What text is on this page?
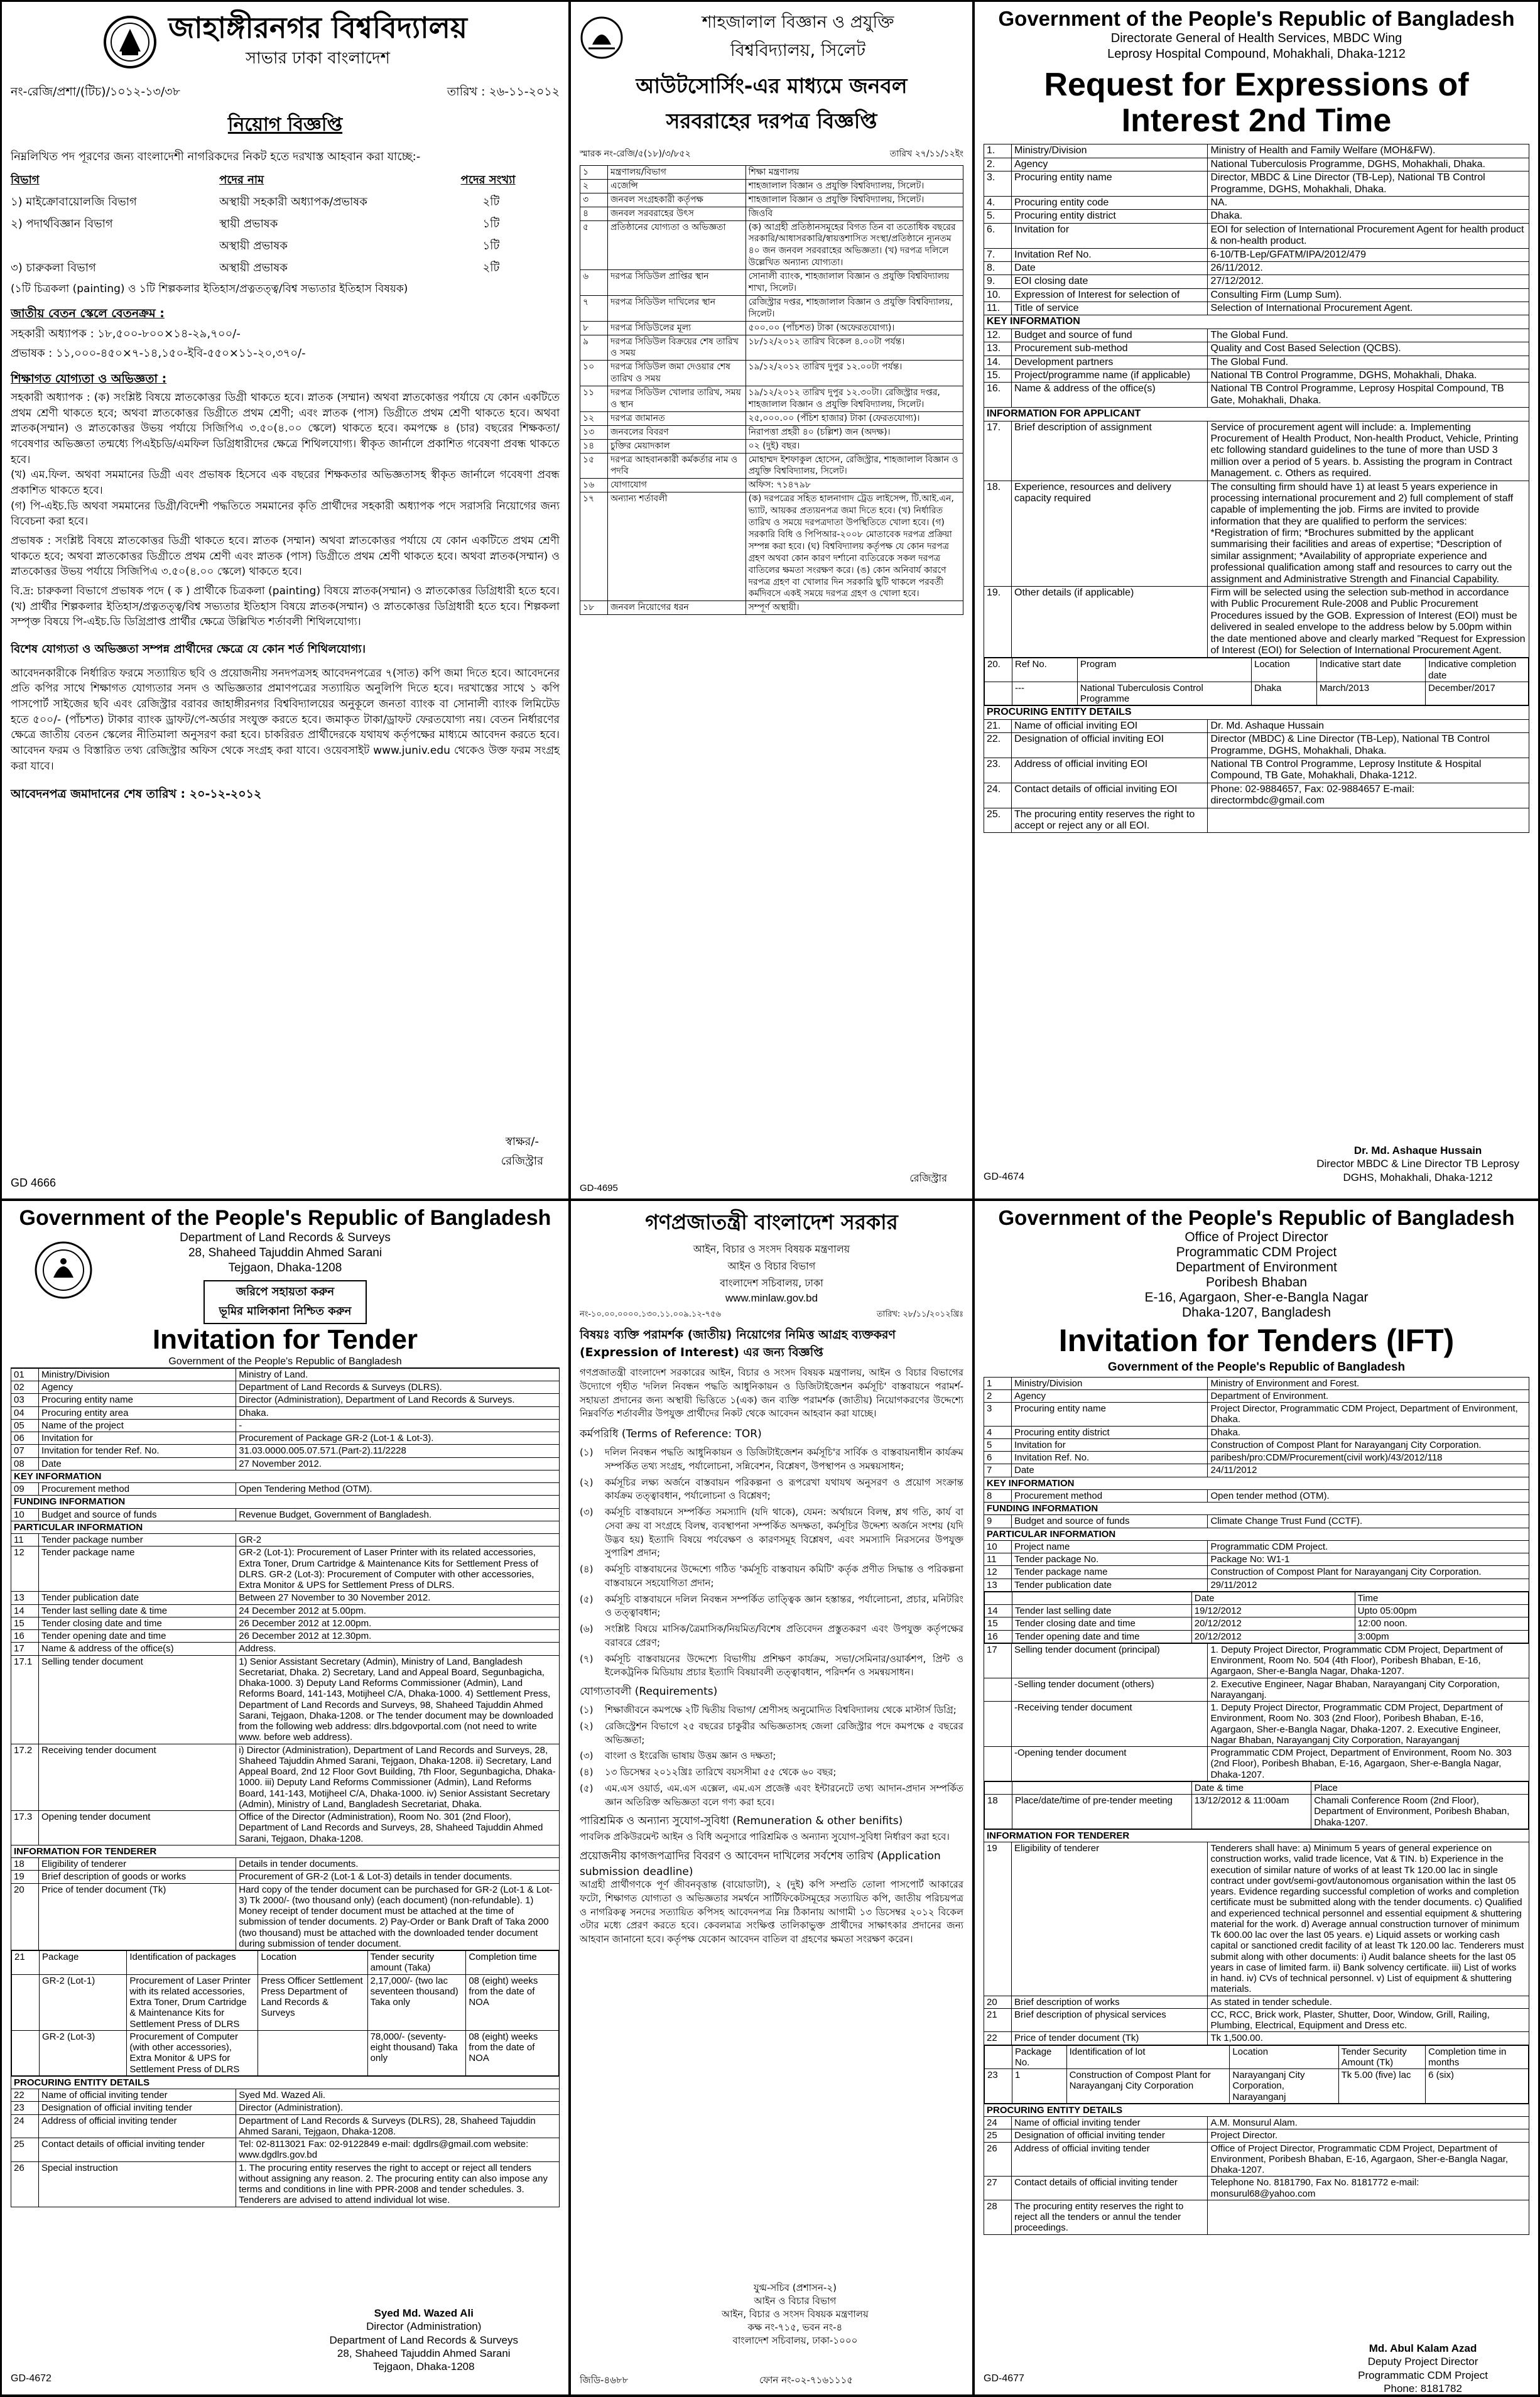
জাহাঙ্গীরনগর বিশ্ববিদ্যালয়
সাভার ঢাকা বাংলাদেশ
নং-রেজি/প্রশা/(টিচ)/১০১২-১৩/৩৮	তারিখ : ২৬-১১-২০১২
নিয়োগ বিজ্ঞপ্তি
নিম্নলিখিত পদ পূরণের জন্য বাংলাদেশী নাগরিকদের নিকট হতে দরখাস্ত আহবান করা যাচ্ছে:-
বিভাগ	পদের নাম	পদের সংখ্যা
১) মাইক্রোবায়োলজি বিভাগ	অস্থায়ী সহকারী অধ্যাপক/প্রভাষক	২টি
২) পদার্থবিজ্ঞান বিভাগ	স্থায়ী প্রভাষক	১টি
অস্থায়ী প্রভাষক	১টি
৩) চারুকলা বিভাগ	অস্থায়ী প্রভাষক	২টি
(১টি চিত্রকলা (painting) ও ১টি শিল্পকলার ইতিহাস/প্রত্নতত্ত্ব/বিশ্ব সভ্যতার ইতিহাস বিষয়ক)
জাতীয় বেতন স্কেলে বেতনক্রম :
সহকারী অধ্যাপক : ১৮,৫০০-৮০০×১৪-২৯,৭০০/-
প্রভাষক : ১১,০০০-৪৫০×৭-১৪,১৫০-ইবি-৫৫০×১১-২০,৩৭০/-
শিক্ষাগত যোগ্যতা ও অভিজ্ঞতা :
সহকারী অধ্যাপক : (ক) সংশ্লিষ্ট বিষয়ে স্নাতকোত্তর ডিগ্রী থাকতে হবে। স্নাতক (সম্মান) অথবা স্নাতকোত্তর পর্যায়ে যে কোন একটিতে প্রথম শ্রেণী থাকতে হবে; অথবা স্নাতকোত্তর ডিগ্রীতে প্রথম শ্রেণী; এবং স্নাতক (পাস) ডিগ্রীতে প্রথম শ্রেণী থাকতে হবে। অথবা স্নাতক(সম্মান) ও স্নাতকোত্তর উভয় পর্যায়ে সিজিপিএ ৩.৫০(৪.০০ স্কেলে) থাকতে হবে। কমপক্ষে ৪ (চার) বছরের শিক্ষকতা/গবেষণার অভিজ্ঞতা তন্মধ্যে পিএইচডি/এমফিল ডিগ্রিধারীদের ক্ষেত্রে শিথিলযোগ্য। স্বীকৃত জার্নালে প্রকাশিত গবেষণা প্রবন্ধ থাকতে হবে।
(খ) এম.ফিল. অথবা সমমানের ডিগ্রী এবং প্রভাষক হিসেবে এক বছরের শিক্ষকতার অভিজ্ঞতাসহ স্বীকৃত জার্নালে গবেষণা প্রবন্ধ প্রকাশিত থাকতে হবে।
(গ) পি-এইচ.ডি অথবা সমমানের ডিগ্রী/বিদেশী পদ্ধতিতে সমমানের কৃতি প্রার্থীদের সহকারী অধ্যাপক পদে সরাসরি নিয়োগের জন্য বিবেচনা করা হবে।
প্রভাষক : সংশ্লিষ্ট বিষয়ে স্নাতকোত্তর ডিগ্রী থাকতে হবে। স্নাতক (সম্মান) অথবা স্নাতকোত্তর পর্যায়ে যে কোন একটিতে প্রথম শ্রেণী থাকতে হবে; অথবা স্নাতকোত্তর ডিগ্রীতে প্রথম শ্রেণী এবং স্নাতক (পাস) ডিগ্রীতে প্রথম শ্রেণী থাকতে হবে। অথবা স্নাতক(সম্মান) ও স্নাতকোত্তর উভয় পর্যায়ে সিজিপিএ ৩.৫০(৪.০০ স্কেলে) থাকতে হবে।
বি.দ্র: চারুকলা বিভাগে প্রভাষক পদে ( ক ) প্রার্থীকে চিত্রকলা (painting) বিষয়ে স্নাতক(সম্মান) ও স্নাতকোত্তর ডিগ্রিধারী হতে হবে। (খ) প্রার্থীর শিল্পকলার ইতিহাস/প্রত্নতত্ত্ব/বিশ্ব সভ্যতার ইতিহাস বিষয়ে স্নাতক(সম্মান) ও স্নাতকোত্তর ডিগ্রিধারী হতে হবে। শিল্পকলা সম্পৃক্ত বিষয়ে পি-এইচ.ডি ডিগ্রিপ্রাপ্ত প্রার্থীর ক্ষেত্রে উল্লিখিত শর্তাবলী শিথিলযোগ্য।
বিশেষ যোগ্যতা ও অভিজ্ঞতা সম্পন্ন প্রার্থীদের ক্ষেত্রে যে কোন শর্ত শিথিলযোগ্য।
আবেদনকারীকে নির্ধারিত ফরমে সত্যায়িত ছবি ও প্রয়োজনীয় সনদপত্রসহ আবেদনপত্রের ৭(সাত) কপি জমা দিতে হবে। আবেদনের প্রতি কপির সাথে শিক্ষাগত যোগ্যতার সনদ ও অভিজ্ঞতার প্রমাণপত্রের সত্যায়িত অনুলিপি দিতে হবে। দরখাস্তের সাথে ১ কপি পাসপোর্ট সাইজের ছবি এবং রেজিস্ট্রার বরাবর জাহাঙ্গীরনগর বিশ্ববিদ্যালয়ের অনুকূলে জনতা ব্যাংক বা সোনালী ব্যাংক লিমিটেড হতে ৫০০/- (পাঁচশত) টাকার ব্যাংক ড্রাফট/পে-অর্ডার সংযুক্ত করতে হবে। জমাকৃত টাকা/ড্রাফট ফেরতযোগ্য নয়। বেতন নির্ধারণের ক্ষেত্রে জাতীয় বেতন স্কেলের নীতিমালা অনুসরণ করা হবে। চাকরিরত প্রার্থীদেরকে যথাযথ কর্তৃপক্ষের মাধ্যমে আবেদন করতে হবে। আবেদন ফরম ও বিস্তারিত তথ্য রেজিস্ট্রার অফিস থেকে সংগ্রহ করা যাবে। ওয়েবসাইট www.juniv.edu থেকেও উক্ত ফরম সংগ্রহ করা যাবে।
আবেদনপত্র জমাদানের শেষ তারিখ : ২০-১২-২০১২
স্বাক্ষর/-
রেজিস্ট্রার
GD 4666
শাহজালাল বিজ্ঞান ও প্রযুক্তি
বিশ্ববিদ্যালয়, সিলেট
আউটসোর্সিং-এর মাধ্যমে জনবল
সরবরাহের দরপত্র বিজ্ঞপ্তি
স্মারক নং-রেজি/৫(১৮)/৩/৮৫২	তারিখ ২৭/১১/১২ইং
১	মন্ত্রণালয়/বিভাগ	শিক্ষা মন্ত্রণালয়
২	এজেন্সি	শাহজালাল বিজ্ঞান ও প্রযুক্তি বিশ্ববিদ্যালয়, সিলেট।
৩	জনবল সংগ্রহকারী কর্তৃপক্ষ	শাহজালাল বিজ্ঞান ও প্রযুক্তি বিশ্ববিদ্যালয়, সিলেট।
৪	জনবল সরবরাহের উৎস	জিওবি
৫	প্রতিষ্ঠানের যোগ্যতা ও অভিজ্ঞতা	(ক) আগ্রহী প্রতিষ্ঠানসমূহের বিগত তিন বা ততোধিক বছরের সরকারি/আধাসরকারি/স্বায়ত্তশাসিত সংস্থা/প্রতিষ্ঠানে ন্যূনতম ৪০ জন জনবল সরবরাহের অভিজ্ঞতা। (খ) দরপত্র দলিলে উল্লেখিত অন্যান্য যোগ্যতা।
৬	দরপত্র সিডিউল প্রাপ্তির স্থান	সোনালী ব্যাংক, শাহজালাল বিজ্ঞান ও প্রযুক্তি বিশ্ববিদ্যালয় শাখা, সিলেট।
৭	দরপত্র সিডিউল দাখিলের স্থান	রেজিস্ট্রার দপ্তর, শাহজালাল বিজ্ঞান ও প্রযুক্তি বিশ্ববিদ্যালয়, সিলেট।
৮	দরপত্র সিডিউলের মূল্য	৫০০.০০ (পাঁচশত) টাকা (অফেরতযোগ্য)।
৯	দরপত্র সিডিউল বিক্রয়ের শেষ তারিখ ও সময়	১৮/১২/২০১২ তারিখ বিকেল ৪.০০টা পর্যন্ত।
১০	দরপত্র সিডিউল জমা দেওয়ার শেষ তারিখ ও সময়	১৯/১২/২০১২ তারিখ দুপুর ১২.০০টা পর্যন্ত।
১১	দরপত্র সিডিউল খোলার তারিখ, সময় ও স্থান	১৯/১২/২০১২ তারিখ দুপুর ১২.৩০টা। রেজিস্ট্রার দপ্তর, শাহজালাল বিজ্ঞান ও প্রযুক্তি বিশ্ববিদ্যালয়, সিলেট।
১২	দরপত্র জামানত	২৫,০০০.০০ (পঁচিশ হাজার) টাকা (ফেরতযোগ্য)।
১৩	জনবলের বিবরণ	নিরাপত্তা প্রহরী ৪০ (চল্লিশ) জন (অদক্ষ)।
১৪	চুক্তির মেয়াদকাল	০২ (দুই) বছর।
১৫	দরপত্র আহবানকারী কর্মকর্তার নাম ও পদবি	মোহাম্মদ ইশফাকুল হোসেন, রেজিস্ট্রার, শাহজালাল বিজ্ঞান ও প্রযুক্তি বিশ্ববিদ্যালয়, সিলেট।
১৬	যোগাযোগ	অফিস: ৭১৪৭৯৮
১৭	অন্যান্য শর্তাবলী	(ক) দরপত্রের সহিত হালনাগাদ ট্রেড লাইসেন্স, টি.আই.এন, ভ্যাট, আয়কর প্রত্যয়নপত্র জমা দিতে হবে। (খ) নির্ধারিত তারিখ ও সময়ে দরপত্রদাতা উপস্থিতিতে খোলা হবে। (গ) সরকারি বিধি ও পিপিআর-২০০৮ মোতাবেক দরপত্র প্রক্রিয়া সম্পন্ন করা হবে। (ঘ) বিশ্ববিদ্যালয় কর্তৃপক্ষ যে কোন দরপত্র গ্রহণ অথবা কোন কারণ দর্শানো ব্যতিরেকে সকল দরপত্র বাতিলের ক্ষমতা সংরক্ষণ করে। (ঙ) কোন অনিবার্য কারণে দরপত্র গ্রহণ বা খোলার দিন সরকারি ছুটি থাকলে পরবর্তী কর্মদিবসে একই সময়ে দরপত্র গ্রহণ ও খোলা হবে।
১৮	জনবল নিয়োগের ধরন	সম্পূর্ণ অস্থায়ী।
রেজিস্ট্রার
GD-4695
Government of the People's Republic of Bangladesh
Directorate General of Health Services, MBDC Wing
Leprosy Hospital Compound, Mohakhali, Dhaka-1212
Request for Expressions of
Interest 2nd Time
1.	Ministry/Division	Ministry of Health and Family Welfare (MOH&FW).
2.	Agency	National Tuberculosis Programme, DGHS, Mohakhali, Dhaka.
3.	Procuring entity name	Director, MBDC & Line Director (TB-Lep), National TB Control Programme, DGHS, Mohakhali, Dhaka.
4.	Procuring entity code	NA.
5.	Procuring entity district	Dhaka.
6.	Invitation for	EOI for selection of International Procurement Agent for health product & non-health product.
7.	Invitation Ref No.	6-10/TB-Lep/GFATM/IPA/2012/479
8.	Date	26/11/2012.
9.	EOI closing date	27/12/2012.
10.	Expression of Interest for selection of	Consulting Firm (Lump Sum).
11.	Title of service	Selection of International Procurement Agent.
KEY INFORMATION
12.	Budget and source of fund	The Global Fund.
13.	Procurement sub-method	Quality and Cost Based Selection (QCBS).
14.	Development partners	The Global Fund.
15.	Project/programme name (if applicable)	National TB Control Programme, DGHS, Mohakhali, Dhaka.
16.	Name & address of the office(s)	National TB Control Programme, Leprosy Hospital Compound, TB Gate, Mohakhali, Dhaka.
INFORMATION FOR APPLICANT
17.	Brief description of assignment	Service of procurement agent will include: a. Implementing Procurement of Health Product, Non-health Product, Vehicle, Printing etc following standard guidelines to the tune of more than USD 3 million over a period of 5 years. b. Assisting the program in Contract Management. c. Others as required.
18.	Experience, resources and delivery capacity required	The consulting firm should have 1) at least 5 years experience in processing international procurement and 2) full complement of staff capable of implementing the job. Firms are invited to provide information that they are qualified to perform the services: *Registration of firm; *Brochures submitted by the applicant summarising their facilities and areas of expertise; *Description of similar assignment; *Availability of appropriate experience and professional qualification among staff and resources to carry out the assignment and Administrative Strength and Financial Capability.
19.	Other details (if applicable)	Firm will be selected using the selection sub-method in accordance with Public Procurement Rule-2008 and Public Procurement Procedures issued by the GOB. Expression of Interest (EOI) must be delivered in sealed envelope to the address below by 5.00pm within the date mentioned above and clearly marked "Request for Expression of Interest (EOI) for Selection of International Procurement Agent.

20.	Ref No.	Program	Location	Indicative start date	Indicative completion date
	---	National Tuberculosis Control Programme	Dhaka	March/2013	December/2017

PROCURING ENTITY DETAILS
21.	Name of official inviting EOI	Dr. Md. Ashaque Hussain
22.	Designation of official inviting EOI	Director (MBDC) & Line Director (TB-Lep), National TB Control Programme, DGHS, Mohakhali, Dhaka.
23.	Address of official inviting EOI	National TB Control Programme, Leprosy Institute & Hospital Compound, TB Gate, Mohakhali, Dhaka-1212.
24.	Contact details of official inviting EOI	Phone: 02-9884657, Fax: 02-9884657 E-mail: directormbdc@gmail.com
25.	The procuring entity reserves the right to accept or reject any or all EOI.	
Dr. Md. Ashaque Hussain
Director MBDC & Line Director TB Leprosy
DGHS, Mohakhali, Dhaka-1212
GD-4674
Government of the People's Republic of Bangladesh
Department of Land Records & Surveys
28, Shaheed Tajuddin Ahmed Sarani
Tejgaon, Dhaka-1208
জরিপে সহায়তা করুন
ভূমির মালিকানা নিশ্চিত করুন
Invitation for Tender
Government of the People's Republic of Bangladesh
01	Ministry/Division	Ministry of Land.
02	Agency	Department of Land Records & Surveys (DLRS).
03	Procuring entity name	Director (Administration), Department of Land Records & Surveys.
04	Procuring entity area	Dhaka.
05	Name of the project	-
06	Invitation for	Procurement of Package GR-2 (Lot-1 & Lot-3).
07	Invitation for tender Ref. No.	31.03.0000.005.07.571.(Part-2).11/2228
08	Date	27 November 2012.
KEY INFORMATION
09	Procurement method	Open Tendering Method (OTM).
FUNDING INFORMATION
10	Budget and source of funds	Revenue Budget, Government of Bangladesh.
PARTICULAR INFORMATION
11	Tender package number	GR-2
12	Tender package name	GR-2 (Lot-1): Procurement of Laser Printer with its related accessories, Extra Toner, Drum Cartridge & Maintenance Kits for Settlement Press of DLRS. GR-2 (Lot-3): Procurement of Computer with other accessories, Extra Monitor & UPS for Settlement Press of DLRS.
13	Tender publication date	Between 27 November to 30 November 2012.
14	Tender last selling date & time	24 December 2012 at 5.00pm.
15	Tender closing date and time	26 December 2012 at 12.00pm.
16	Tender opening date and time	26 December 2012 at 12.30pm.
17	Name & address of the office(s)	Address.
17.1	Selling tender document	1) Senior Assistant Secretary (Admin), Ministry of Land, Bangladesh Secretariat, Dhaka. 2) Secretary, Land and Appeal Board, Segunbagicha, Dhaka-1000. 3) Deputy Land Reforms Commissioner (Admin), Land Reforms Board, 141-143, Motijheel C/A, Dhaka-1000. 4) Settlement Press, Department of Land Records and Surveys, 98, Shaheed Tajuddin Ahmed Sarani, Tejgaon, Dhaka-1208. or The tender document may be downloaded from the following web address: dlrs.bdgovportal.com (not need to write www. before web address).
17.2	Receiving tender document	i) Director (Administration), Department of Land Records and Surveys, 28, Shaheed Tajuddin Ahmed Sarani, Tejgaon, Dhaka-1208. ii) Secretary, Land Appeal Board, 2nd 12 Floor Govt Building, 7th Floor, Segunbagicha, Dhaka-1000. iii) Deputy Land Reforms Commissioner (Admin), Land Reforms Board, 141-143, Motijheel C/A, Dhaka-1000. iv) Senior Assistant Secretary (Admin), Ministry of Land, Bangladesh Secretariat, Dhaka.
17.3	Opening tender document	Office of the Director (Administration), Room No. 301 (2nd Floor), Department of Land Records and Surveys, 28, Shaheed Tajuddin Ahmed Sarani, Tejgaon, Dhaka-1208.
INFORMATION FOR TENDERER
18	Eligibility of tenderer	Details in tender documents.
19	Brief description of goods or works	Procurement of GR-2 (Lot-1 & Lot-3) details in tender documents.
20	Price of tender document (Tk)	Hard copy of the tender document can be purchased for GR-2 (Lot-1 & Lot-3) Tk 2000/- (two thousand only) (each document) (non-refundable). 1) Money receipt of tender document must be attached at the time of submission of tender documents. 2) Pay-Order or Bank Draft of Taka 2000 (two thousand) must be attached with the downloaded tender document during submission of tender document.

21	Package	Identification of packages	Location	Tender security amount (Taka)	Completion time
	GR-2 (Lot-1)	Procurement of Laser Printer with its related accessories, Extra Toner, Drum Cartridge & Maintenance Kits for Settlement Press of DLRS	Press Officer Settlement Press Department of Land Records & Surveys	2,17,000/- (two lac seventeen thousand) Taka only	08 (eight) weeks from the date of NOA
	GR-2 (Lot-3)	Procurement of Computer (with other accessories), Extra Monitor & UPS for Settlement Press of DLRS		78,000/- (seventy-eight thousand) Taka only	08 (eight) weeks from the date of NOA

PROCURING ENTITY DETAILS
22	Name of official inviting tender	Syed Md. Wazed Ali.
23	Designation of official inviting tender	Director (Administration).
24	Address of official inviting tender	Department of Land Records & Surveys (DLRS), 28, Shaheed Tajuddin Ahmed Sarani, Tejgaon, Dhaka-1208.
25	Contact details of official inviting tender	Tel: 02-8113021 Fax: 02-9122849 e-mail: dgdlrs@gmail.com website: www.dgdlrs.gov.bd
26	Special instruction	1. The procuring entity reserves the right to accept or reject all tenders without assigning any reason. 2. The procuring entity can also impose any terms and conditions in line with PPR-2008 and tender schedules. 3. Tenderers are advised to attend individual lot wise.
Syed Md. Wazed Ali
Director (Administration)
Department of Land Records & Surveys
28, Shaheed Tajuddin Ahmed Sarani
Tejgaon, Dhaka-1208
GD-4672
গণপ্রজাতন্ত্রী বাংলাদেশ সরকার
আইন, বিচার ও সংসদ বিষয়ক মন্ত্রণালয়
আইন ও বিচার বিভাগ
বাংলাদেশ সচিবালয়, ঢাকা
www.minlaw.gov.bd
নং-১০.০০.০০০০.১৩০.১১.০০৯.১২-৭৫৬	তারিখ: ২৮/১১/২০১২খ্রিঃ
বিষয়ঃ ব্যক্তি পরামর্শক (জাতীয়) নিয়োগের নিমিত্ত আগ্রহ ব্যক্তকরণ (Expression of Interest) এর জন্য বিজ্ঞপ্তি
গণপ্রজাতন্ত্রী বাংলাদেশ সরকারের আইন, বিচার ও সংসদ বিষয়ক মন্ত্রণালয়, আইন ও বিচার বিভাগের উদ্যোগে গৃহীত 'দলিল নিবন্ধন পদ্ধতি আধুনিকায়ন ও ডিজিটাইজেশন কর্মসূচি' বাস্তবায়নে পরামর্শ-সহায়তা প্রদানের জন্য অস্থায়ী ভিত্তিতে ১(এক) জন ব্যক্তি পরামর্শক (জাতীয়) নিয়োগকরণের উদ্দেশ্যে নিম্নবর্ণিত শর্তাবলীর উপযুক্ত প্রার্থীদের নিকট থেকে আবেদন আহবান করা যাচ্ছে।
কর্মপরিধি (Terms of Reference: TOR)
(১)	দলিল নিবন্ধন পদ্ধতি আধুনিকায়ন ও ডিজিটাইজেশন কর্মসূচি'র সার্বিক ও বাস্তবায়নাধীন কার্যক্রম সম্পর্কিত তথ্য সংগ্রহ, পর্যালোচনা, সন্নিবেশন, বিশ্লেষণ, উপস্থাপন ও সমন্বয়সাধন;
(২)	কর্মসূচির লক্ষ্য অর্জনে বাস্তবায়ন পরিকল্পনা ও রূপরেখা যথাযথ অনুসরণ ও প্রয়োগ সংক্রান্ত কার্যক্রম তত্ত্বাবধান, পর্যালোচনা ও বিশ্লেষণ;
(৩)	কর্মসূচি বাস্তবায়নে সম্পর্কিত সমস্যাদি (যদি থাকে), যেমন: অর্থায়নে বিলম্ব, শ্লথ গতি, কার্য বা সেবা ক্রয় বা সংগ্রহে বিলম্ব, ব্যবস্থাপনা সম্পর্কিত অদক্ষতা, কর্মসূচির উদ্দেশ্য অর্জনে সংশয় (যদি উদ্ভব হয়) ইত্যাদি বিষয়ে পর্যবেক্ষণ ও কারণসমূহ বিশ্লেষণ, এবং সমস্যাদি নিরসনের উপযুক্ত সুপারিশ প্রদান;
(৪)	কর্মসূচি বাস্তবায়নের উদ্দেশ্যে গঠিত 'কর্মসূচি বাস্তবায়ন কমিটি' কর্তৃক প্রণীত সিদ্ধান্ত ও পরিকল্পনা বাস্তবায়নে সহযোগিতা প্রদান;
(৫)	কর্মসূচি বাস্তবায়নে দলিল নিবন্ধন সম্পর্কিত তাত্ত্বিক জ্ঞান হস্তান্তর, পর্যালোচনা, প্রচার, মনিটরিং ও তত্ত্বাবধান;
(৬)	সংশ্লিষ্ট বিষয়ে মাসিক/ত্রৈমাসিক/নিয়মিত/বিশেষ প্রতিবেদন প্রস্তুতকরণ এবং উপযুক্ত কর্তৃপক্ষের বরাবরে প্রেরণ;
(৭)	কর্মসূচি বাস্তবায়নের উদ্দেশ্যে বিভাগীয় প্রশিক্ষণ কার্যক্রম, সভা/সেমিনার/ওয়ার্কশপ, প্রিন্ট ও ইলেকট্রনিক মিডিয়ায় প্রচার ইত্যাদি বিষয়াবলী তত্ত্বাবধান, পরিদর্শন ও সমন্বয়সাধন।
যোগ্যতাবলী (Requirements)
(১)	শিক্ষাজীবনে কমপক্ষে ২টি দ্বিতীয় বিভাগ/ শ্রেণীসহ অনুমোদিত বিশ্ববিদ্যালয় থেকে মাস্টার্স ডিগ্রি;
(২)	রেজিস্ট্রেশন বিভাগে ২৫ বছরের চাকুরীর অভিজ্ঞতাসহ জেলা রেজিস্ট্রার পদে কমপক্ষে ৫ বছরের অভিজ্ঞতা;
(৩)	বাংলা ও ইংরেজি ভাষায় উত্তম জ্ঞান ও দক্ষতা;
(৪)	১৩ ডিসেম্বর ২০১২খ্রিঃ তারিখে বয়সসীমা ৫৫ থেকে ৬০ বছর;
(৫)	এম.এস ওয়ার্ড, এম.এস এক্সেল, এম.এস প্রজেক্ট এবং ইন্টারনেটে তথ্য আদান-প্রদান সম্পর্কিত জ্ঞান অতিরিক্ত অভিজ্ঞতা বলে গণ্য করা হবে।
পারিশ্রমিক ও অন্যান্য সুযোগ-সুবিধা (Remuneration & other benifits)
পাবলিক প্রকিউরমেন্ট আইন ও বিধি অনুসারে পারিশ্রমিক ও অন্যান্য সুযোগ-সুবিধা নির্ধারণ করা হবে।
প্রয়োজনীয় কাগজপত্রাদির বিবরণ ও আবেদন দাখিলের সর্বশেষ তারিখ (Application submission deadline)
আগ্রহী প্রার্থীগণকে পূর্ণ জীবনবৃত্তান্ত (বায়োডাটা), ২ (দুই) কপি সম্প্রতি তোলা পাসপোর্ট আকারের ফটো, শিক্ষাগত যোগ্যতা ও অভিজ্ঞতার সমর্থনে সার্টিফিকেটসমূহের সত্যায়িত কপি, জাতীয় পরিচয়পত্র ও নাগরিকত্ব সনদের সত্যায়িত কপিসহ আবেদনপত্র নিম্ন ঠিকানায় আগামী ১৩ ডিসেম্বর ২০১২ বিকেল ৩টার মধ্যে প্রেরণ করতে হবে। কেবলমাত্র সংক্ষিপ্ত তালিকাভুক্ত প্রার্থীদের সাক্ষাৎকার প্রদানের জন্য আহবান জানানো হবে। কর্তৃপক্ষ যেকোন আবেদন বাতিল বা গ্রহণের ক্ষমতা সংরক্ষণ করেন।
যুগ্ম-সচিব (প্রশাসন-২)
আইন ও বিচার বিভাগ
আইন, বিচার ও সংসদ বিষয়ক মন্ত্রণালয়
কক্ষ নং-৭১৫, ভবন নং-৪
বাংলাদেশ সচিবালয়, ঢাকা-১০০০
জিডি-৪৬৮৮	ফোন নং-০২-৭১৬১১১৫
Government of the People's Republic of Bangladesh
Office of Project Director
Programmatic CDM Project
Department of Environment
Poribesh Bhaban
E-16, Agargaon, Sher-e-Bangla Nagar
Dhaka-1207, Bangladesh
Invitation for Tenders (IFT)
Government of the People's Republic of Bangladesh
1	Ministry/Division	Ministry of Environment and Forest.
2	Agency	Department of Environment.
3	Procuring entity name	Project Director, Programmatic CDM Project, Department of Environment, Dhaka.
4	Procuring entity district	Dhaka.
5	Invitation for	Construction of Compost Plant for Narayanganj City Corporation.
6	Invitation Ref. No.	paribesh/pro:CDM/Procurement(civil work)/43/2012/118
7	Date	24/11/2012
KEY INFORMATION
8	Procurement method	Open tender method (OTM).
FUNDING INFORMATION
9	Budget and source of funds	Climate Change Trust Fund (CCTF).
PARTICULAR INFORMATION
10	Project name	Programmatic CDM Project.
11	Tender package No.	Package No: W1-1
12	Tender package name	Construction of Compost Plant for Narayanganj City Corporation.
13	Tender publication date	29/11/2012

		Date	Time
14	Tender last selling date	19/12/2012	Upto 05:00pm
15	Tender closing date and time	20/12/2012	12:00 noon.
16	Tender opening date and time	20/12/2012	3:00pm

17	Selling tender document (principal)	1. Deputy Project Director, Programmatic CDM Project, Department of Environment, Room No. 504 (4th Floor), Poribesh Bhaban, E-16, Agargaon, Sher-e-Bangla Nagar, Dhaka-1207.
	-Selling tender document (others)	2. Executive Engineer, Nagar Bhaban, Narayanganj City Corporation, Narayanganj.
	-Receiving tender document	1. Deputy Project Director, Programmatic CDM Project, Department of Environment, Room No. 303 (2nd Floor), Poribesh Bhaban, E-16, Agargaon, Sher-e-Bangla Nagar, Dhaka-1207. 2. Executive Engineer, Nagar Bhaban, Narayanganj City Corporation, Narayanganj
	-Opening tender document	Programmatic CDM Project, Department of Environment, Room No. 303 (2nd Floor), Poribesh Bhaban, E-16, Agargaon, Sher-e-Bangla Nagar, Dhaka-1207.

		Date & time	Place
18	Place/date/time of pre-tender meeting	13/12/2012 & 11:00am	Chamali Conference Room (2nd Floor), Department of Environment, Poribesh Bhaban, Dhaka-1207.

INFORMATION FOR TENDERER
19	Eligibility of tenderer	Tenderers shall have: a) Minimum 5 years of general experience on construction works, valid trade licence, Vat & TIN. b) Experience in the execution of similar nature of works of at least Tk 120.00 lac in single contract under govt/semi-govt/autonomous organisation within the last 05 years. Evidence regarding successful completion of works and completion certificate must be submitted along with the tender documents. c) Qualified and experienced technical personnel and essential equipment & shuttering material for the work. d) Average annual construction turnover of minimum Tk 600.00 lac over the last 05 years. e) Liquid assets or working cash capital or sanctioned credit facility of at least Tk 120.00 lac. Tenderers must submit along with other documents: i) Audit balance sheets for the last 05 years in case of limited farm. ii) Bank solvency certificate. iii) List of works in hand. iv) CVs of technical personnel. v) List of equipment & shuttering materials.
20	Brief description of works	As stated in tender schedule.
21	Brief description of physical services	CC, RCC, Brick work, Plaster, Shutter, Door, Window, Grill, Railing, Plumbing, Electrical, Equipment and Dress etc.
22	Price of tender document (Tk)	Tk 1,500.00.

	Package No.	Identification of lot	Location	Tender Security Amount (Tk)	Completion time in months
23	1	Construction of Compost Plant for Narayanganj City Corporation	Narayanganj City Corporation, Narayanganj	Tk 5.00 (five) lac	6 (six)

PROCURING ENTITY DETAILS
24	Name of official inviting tender	A.M. Monsurul Alam.
25	Designation of official inviting tender	Project Director.
26	Address of official inviting tender	Office of Project Director, Programmatic CDM Project, Department of Environment, Poribesh Bhaban, E-16, Agargaon, Sher-e-Bangla Nagar, Dhaka-1207.
27	Contact details of official inviting tender	Telephone No. 8181790, Fax No. 8181772 e-mail: monsurul68@yahoo.com
28	The procuring entity reserves the right to reject all the tenders or annul the tender proceedings.	
Md. Abul Kalam Azad
Deputy Project Director
Programmatic CDM Project
Phone: 8181782
GD-4677
